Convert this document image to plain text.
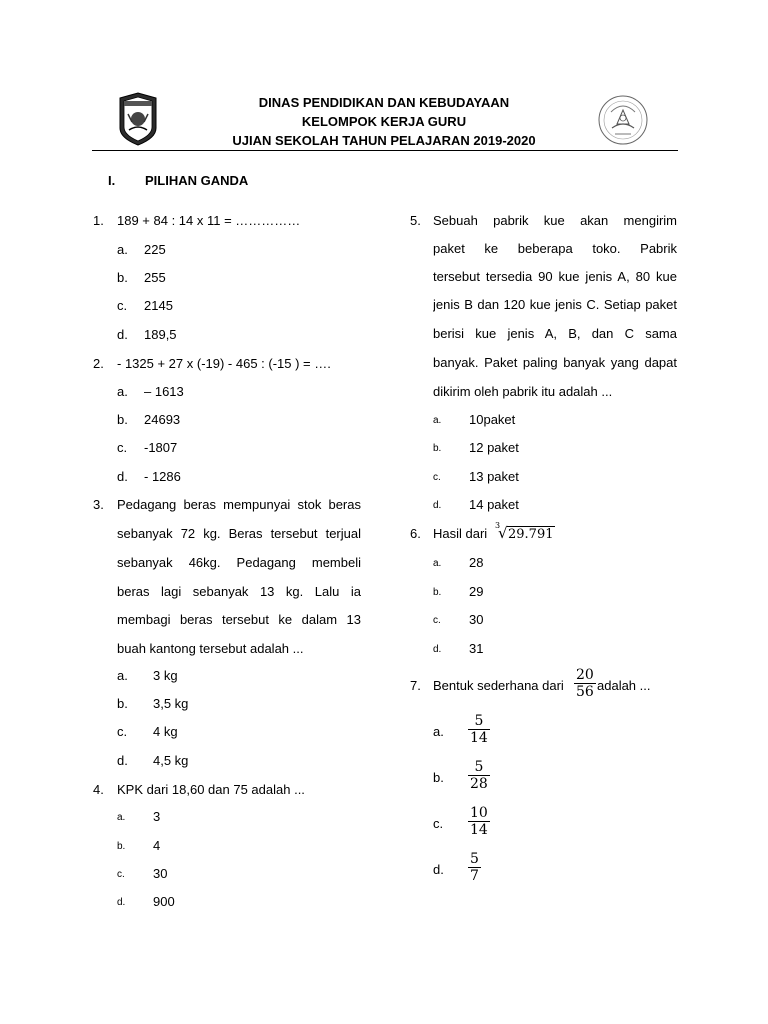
DINAS PENDIDIKAN DAN KEBUDAYAAN
KELOMPOK KERJA GURU
UJIAN SEKOLAH TAHUN PELAJARAN 2019-2020
I. PILIHAN GANDA
1. 189 + 84 : 14 x 11 = ……………
a. 225
b. 255
c. 2145
d. 189,5
2. - 1325 + 27 x (-19) - 465 : (-15 ) = ….
a. – 1613
b. 24693
c. -1807
d. - 1286
3. Pedagang beras mempunyai stok beras
sebanyak 72 kg. Beras tersebut terjual
sebanyak 46kg. Pedagang membeli
beras lagi sebanyak 13 kg. Lalu ia
membagi beras tersebut ke dalam 13
buah kantong tersebut adalah ...
a. 3 kg
b. 3,5 kg
c. 4 kg
d. 4,5 kg
4. KPK dari 18,60 dan 75 adalah ...
a. 3
b. 4
c. 30
d. 900
5. Sebuah pabrik kue akan mengirim
paket ke beberapa toko. Pabrik
tersebut tersedia 90 kue jenis A, 80 kue
jenis B dan 120 kue jenis C. Setiap paket
berisi kue jenis A, B, dan C sama
banyak. Paket paling banyak yang dapat
dikirim oleh pabrik itu adalah ...
a. 10paket
b. 12 paket
c. 13 paket
d. 14 paket
6. Hasil dari
3
√ 29.791
a. 28
b. 29
c. 30
d. 31
7. Bentuk sederhana dari
20
56 adalah ...
a.
5
14
b.
5
28
c.
10
14
d.
5
7
